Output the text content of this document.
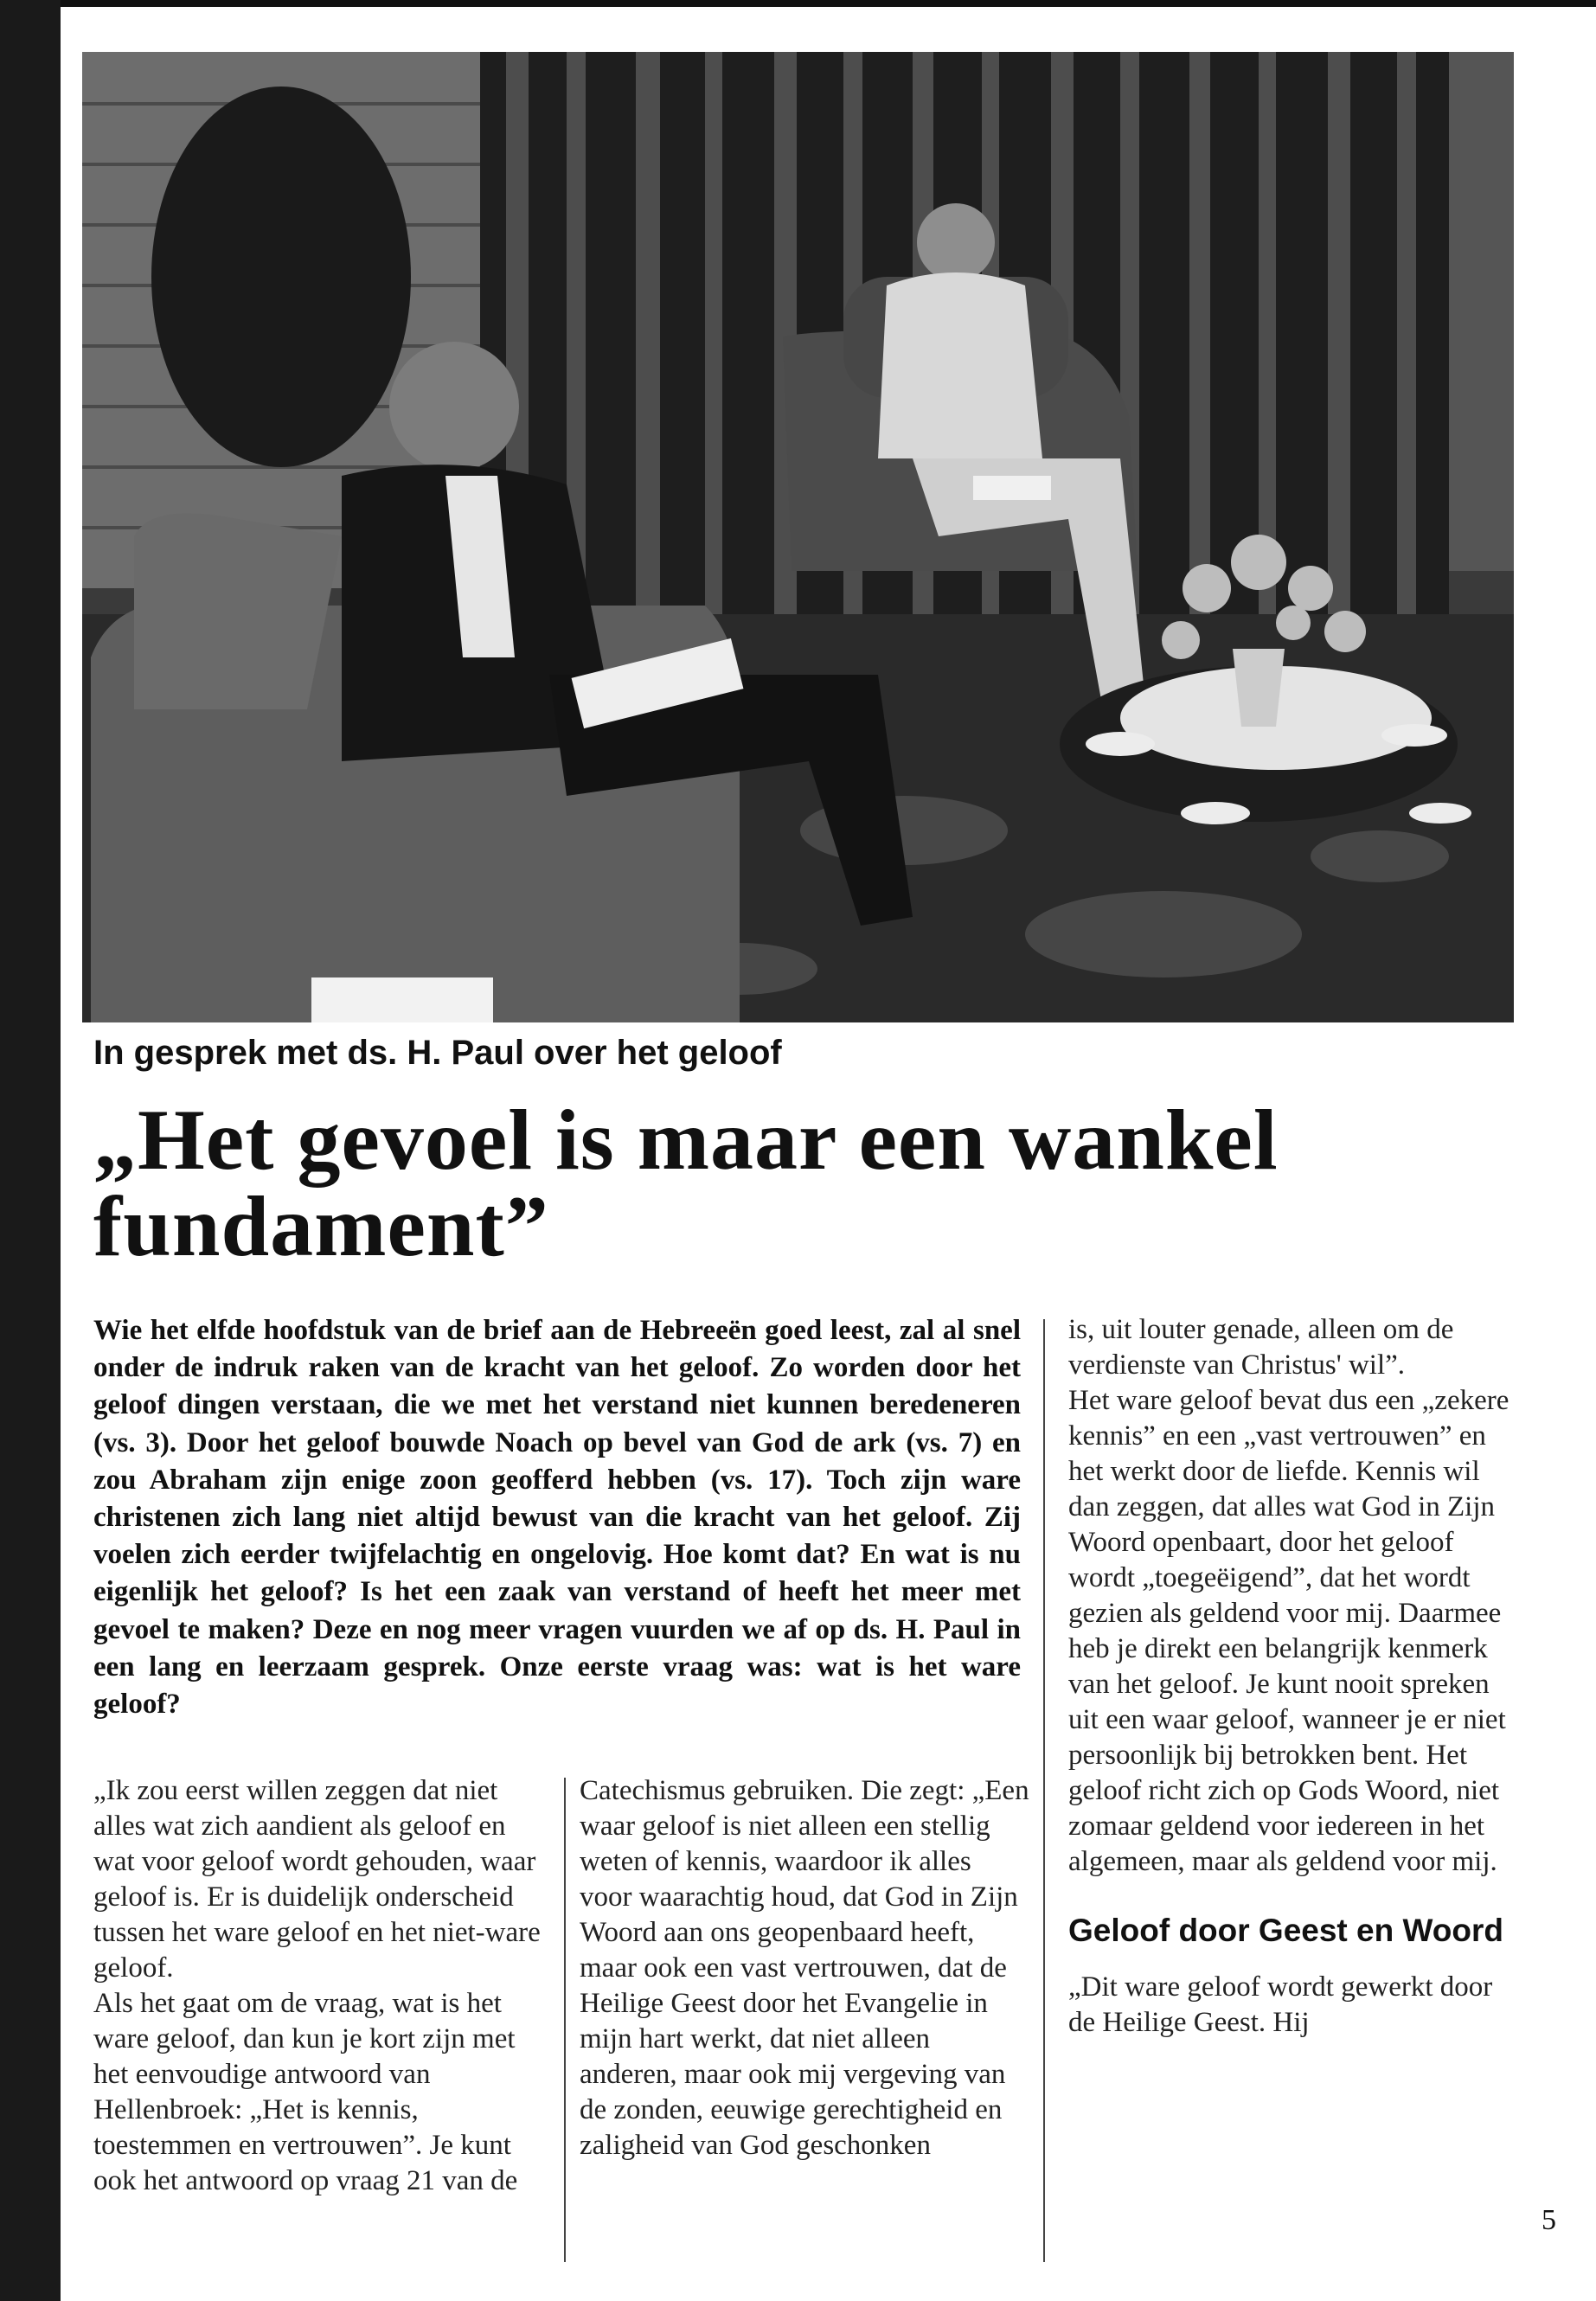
In gesprek met ds. H. Paul over het geloof
„Het gevoel is maar een wankel fundament”
Wie het elfde hoofdstuk van de brief aan de Hebreeën goed leest, zal al snel onder de indruk raken van de kracht van het geloof. Zo worden door het geloof dingen verstaan, die we met het verstand niet kunnen beredeneren (vs. 3). Door het geloof bouwde Noach op bevel van God de ark (vs. 7) en zou Abraham zijn enige zoon geofferd hebben (vs. 17). Toch zijn ware christenen zich lang niet altijd bewust van die kracht van het geloof. Zij voelen zich eerder twijfelachtig en ongelovig. Hoe komt dat? En wat is nu eigenlijk het geloof? Is het een zaak van verstand of heeft het meer met gevoel te maken? Deze en nog meer vragen vuurden we af op ds. H. Paul in een lang en leerzaam gesprek. Onze eerste vraag was: wat is het ware geloof?
„Ik zou eerst willen zeggen dat niet alles wat zich aandient als geloof en wat voor geloof wordt gehouden, waar geloof is. Er is duidelijk onderscheid tussen het ware geloof en het niet-ware geloof.
Als het gaat om de vraag, wat is het ware geloof, dan kun je kort zijn met het eenvoudige antwoord van Hellenbroek: „Het is kennis, toestemmen en vertrouwen”. Je kunt ook het antwoord op vraag 21 van de
Catechismus gebruiken. Die zegt: „Een waar geloof is niet alleen een stellig weten of kennis, waardoor ik alles voor waarachtig houd, dat God in Zijn Woord aan ons geopenbaard heeft, maar ook een vast vertrouwen, dat de Heilige Geest door het Evangelie in mijn hart werkt, dat niet alleen anderen, maar ook mij vergeving van de zonden, eeuwige gerechtigheid en zaligheid van God geschonken
is, uit louter genade, alleen om de verdienste van Christus' wil”.
Het ware geloof bevat dus een „zekere kennis” en een „vast vertrouwen” en het werkt door de liefde. Kennis wil dan zeggen, dat alles wat God in Zijn Woord openbaart, door het geloof wordt „toegeëigend”, dat het wordt gezien als geldend voor mij. Daarmee heb je direkt een belangrijk kenmerk van het geloof. Je kunt nooit spreken uit een waar geloof, wanneer je er niet persoonlijk bij betrokken bent. Het geloof richt zich op Gods Woord, niet zomaar geldend voor iedereen in het algemeen, maar als geldend voor mij.
Geloof door Geest en Woord
„Dit ware geloof wordt gewerkt door de Heilige Geest. Hij
5
